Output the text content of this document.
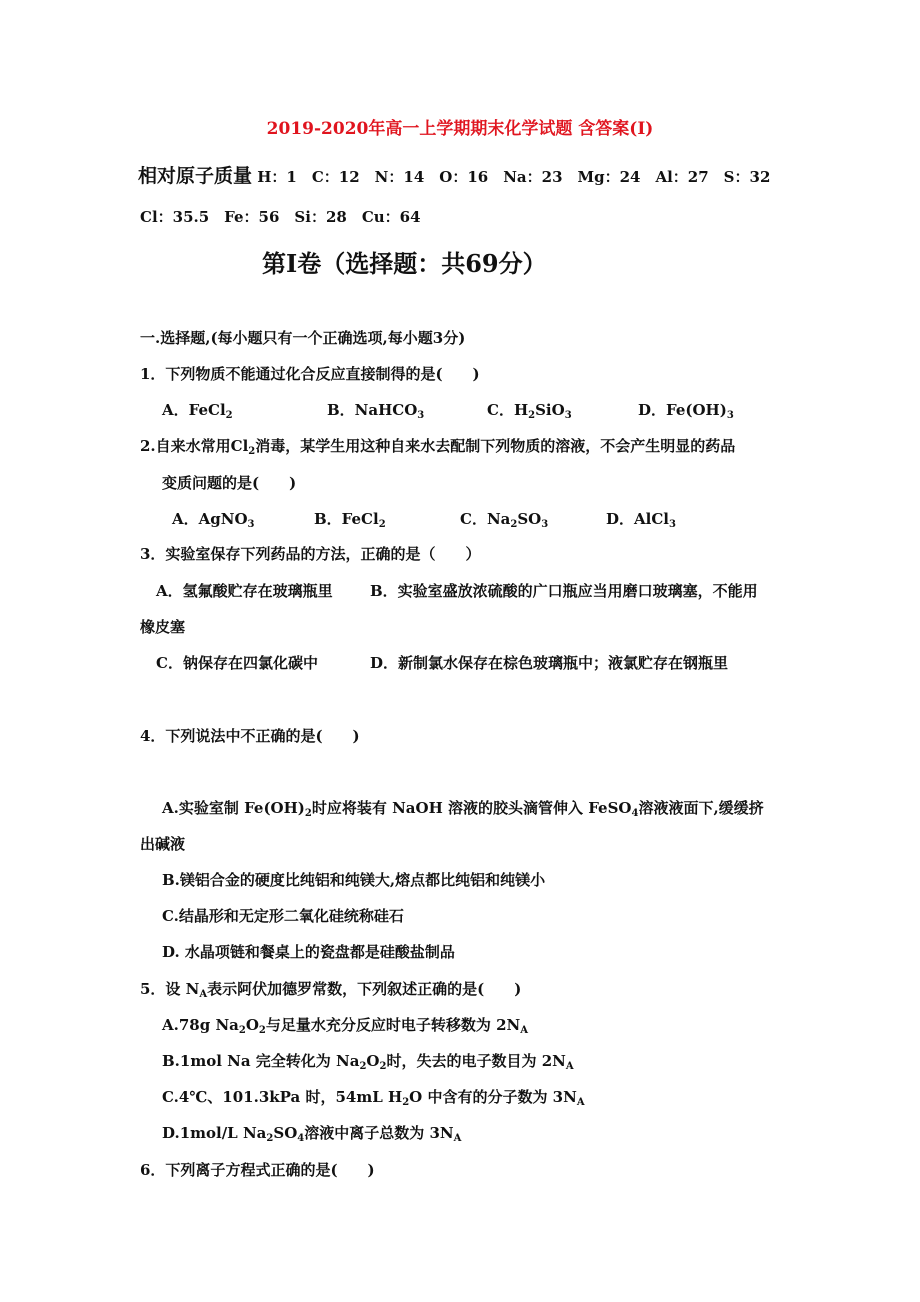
2019-2020年高一上学期期末化学试题 含答案(I)
相对原子质量 H：1　C：12　N：14　O：16　Na：23　Mg：24　Al：27　S：32
Cl：35.5　Fe：56　Si：28　Cu：64
第Ⅰ卷（选择题：共69分）
一.选择题,(每小题只有一个正确选项,每小题3分)
1．下列物质不能通过化合反应直接制得的是(　　)
A．FeCl$_2$	B．NaHCO$_3$	C．$H_2SiO_3$	D．$Fe(OH)_3$
2.自来水常用$Cl_2$消毒，某学生用这种自来水去配制下列物质的溶液，不会产生明显的药品
变质问题的是(　　)
A．AgNO$_3$	B．FeCl$_2$	C．$Na_2SO_3$	D．AlCl$_3$
3．实验室保存下列药品的方法，正确的是（　　）
A．氢氟酸贮存在玻璃瓶里 B．实验室盛放浓硫酸的广口瓶应当用磨口玻璃塞，不能用
橡皮塞
C．钠保存在四氯化碳中	D．新制氯水保存在棕色玻璃瓶中；液氯贮存在钢瓶里
4．下列说法中不正确的是(　　)
A.实验室制 $Fe(OH)_2$时应将装有 NaOH 溶液的胶头滴管伸入 FeSO$_4$溶液液面下,缓缓挤
出碱液
B.镁铝合金的硬度比纯铝和纯镁大,熔点都比纯铝和纯镁小
C.结晶形和无定形二氧化硅统称硅石
D. 水晶项链和餐桌上的瓷盘都是硅酸盐制品
5．设 $N_A$表示阿伏加德罗常数，下列叙述正确的是(　　)
A.78g $Na_2O_2$与足量水充分反应时电子转移数为 $2N_A$
B.1mol Na 完全转化为 $Na_2O_2$时，失去的电子数目为 $2N_A$
C.4℃、101.3kPa 时，54mL $H_2O$ 中含有的分子数为 $3N_A$
D.1mol/L $Na_2SO_4$溶液中离子总数为 $3N_A$
6．下列离子方程式正确的是(　　)
